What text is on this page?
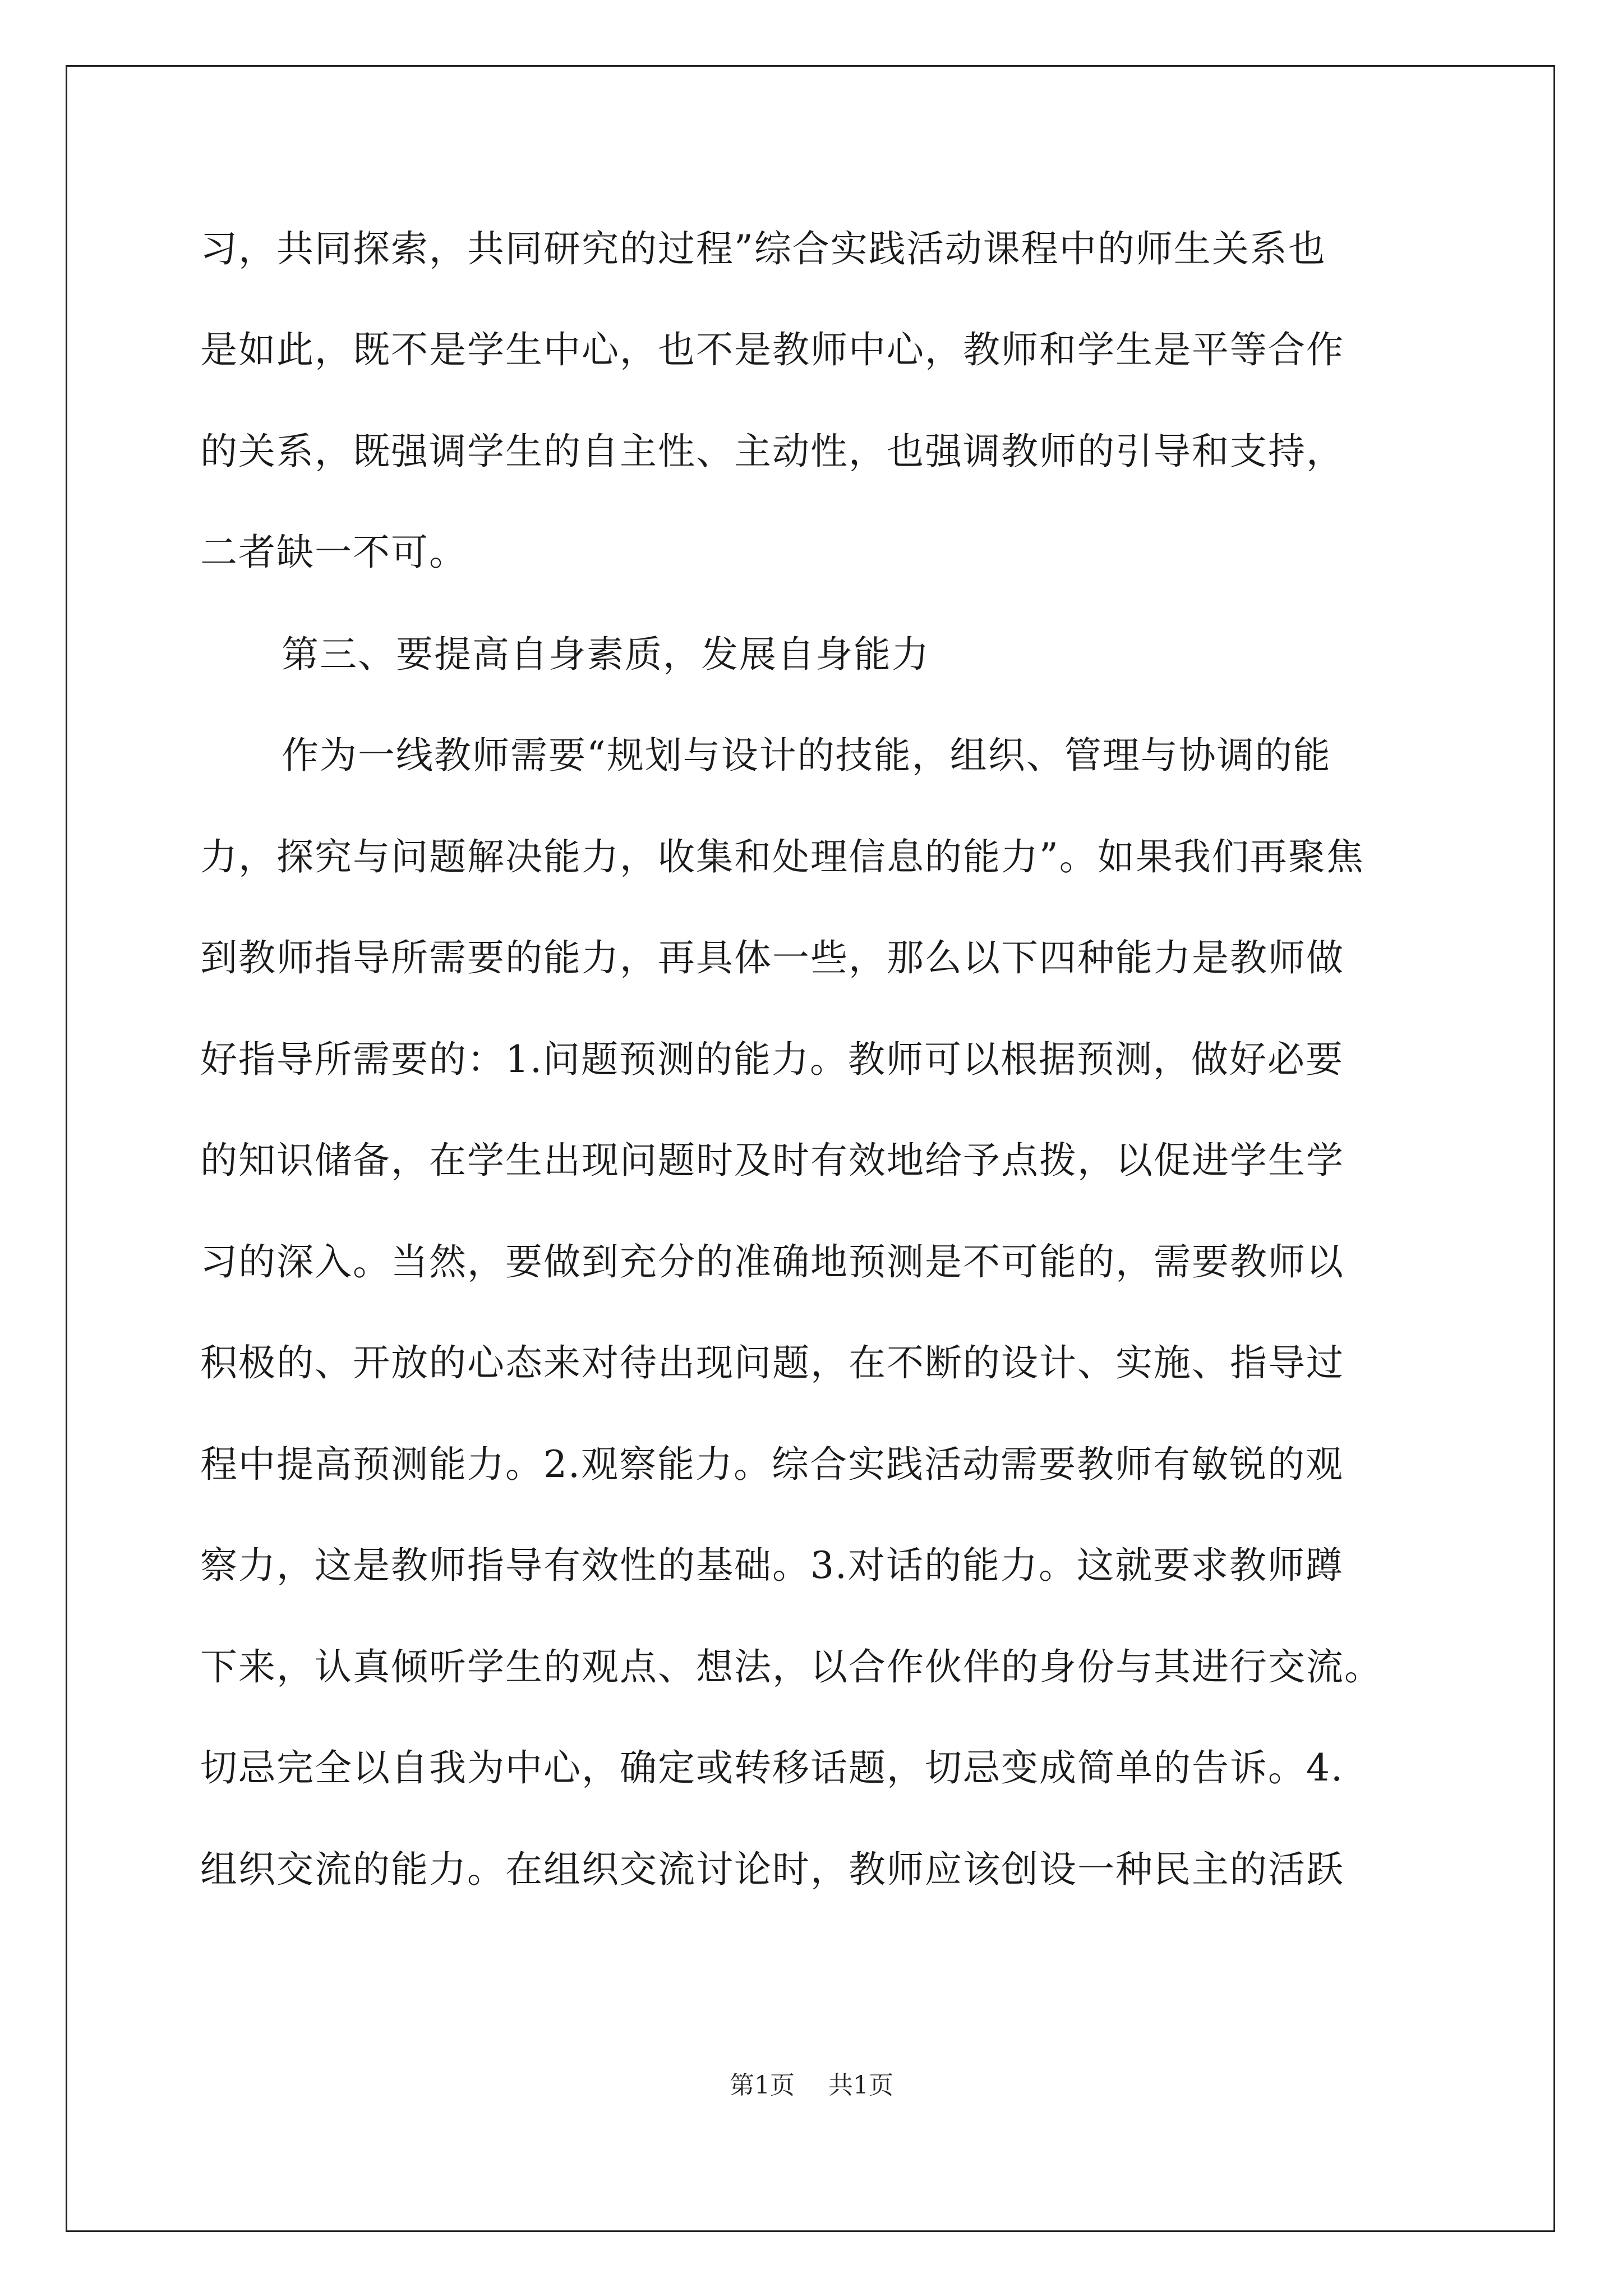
习，共同探索，共同研究的过程”综合实践活动课程中的师生关系也
是如此，既不是学生中心，也不是教师中心，教师和学生是平等合作
的关系，既强调学生的自主性、主动性，也强调教师的引导和支持，
二者缺一不可。
第三、要提高自身素质，发展自身能力
作为一线教师需要“规划与设计的技能，组织、管理与协调的能
力，探究与问题解决能力，收集和处理信息的能力”。如果我们再聚焦
到教师指导所需要的能力，再具体一些，那么以下四种能力是教师做
好指导所需要的：1.问题预测的能力。教师可以根据预测，做好必要
的知识储备，在学生出现问题时及时有效地给予点拨，以促进学生学
习的深入。当然，要做到充分的准确地预测是不可能的，需要教师以
积极的、开放的心态来对待出现问题，在不断的设计、实施、指导过
程中提高预测能力。2.观察能力。综合实践活动需要教师有敏锐的观
察力，这是教师指导有效性的基础。3.对话的能力。这就要求教师蹲
下来，认真倾听学生的观点、想法，以合作伙伴的身份与其进行交流。
切忌完全以自我为中心，确定或转移话题，切忌变成简单的告诉。4.
组织交流的能力。在组织交流讨论时，教师应该创设一种民主的活跃
第1页 共1页
